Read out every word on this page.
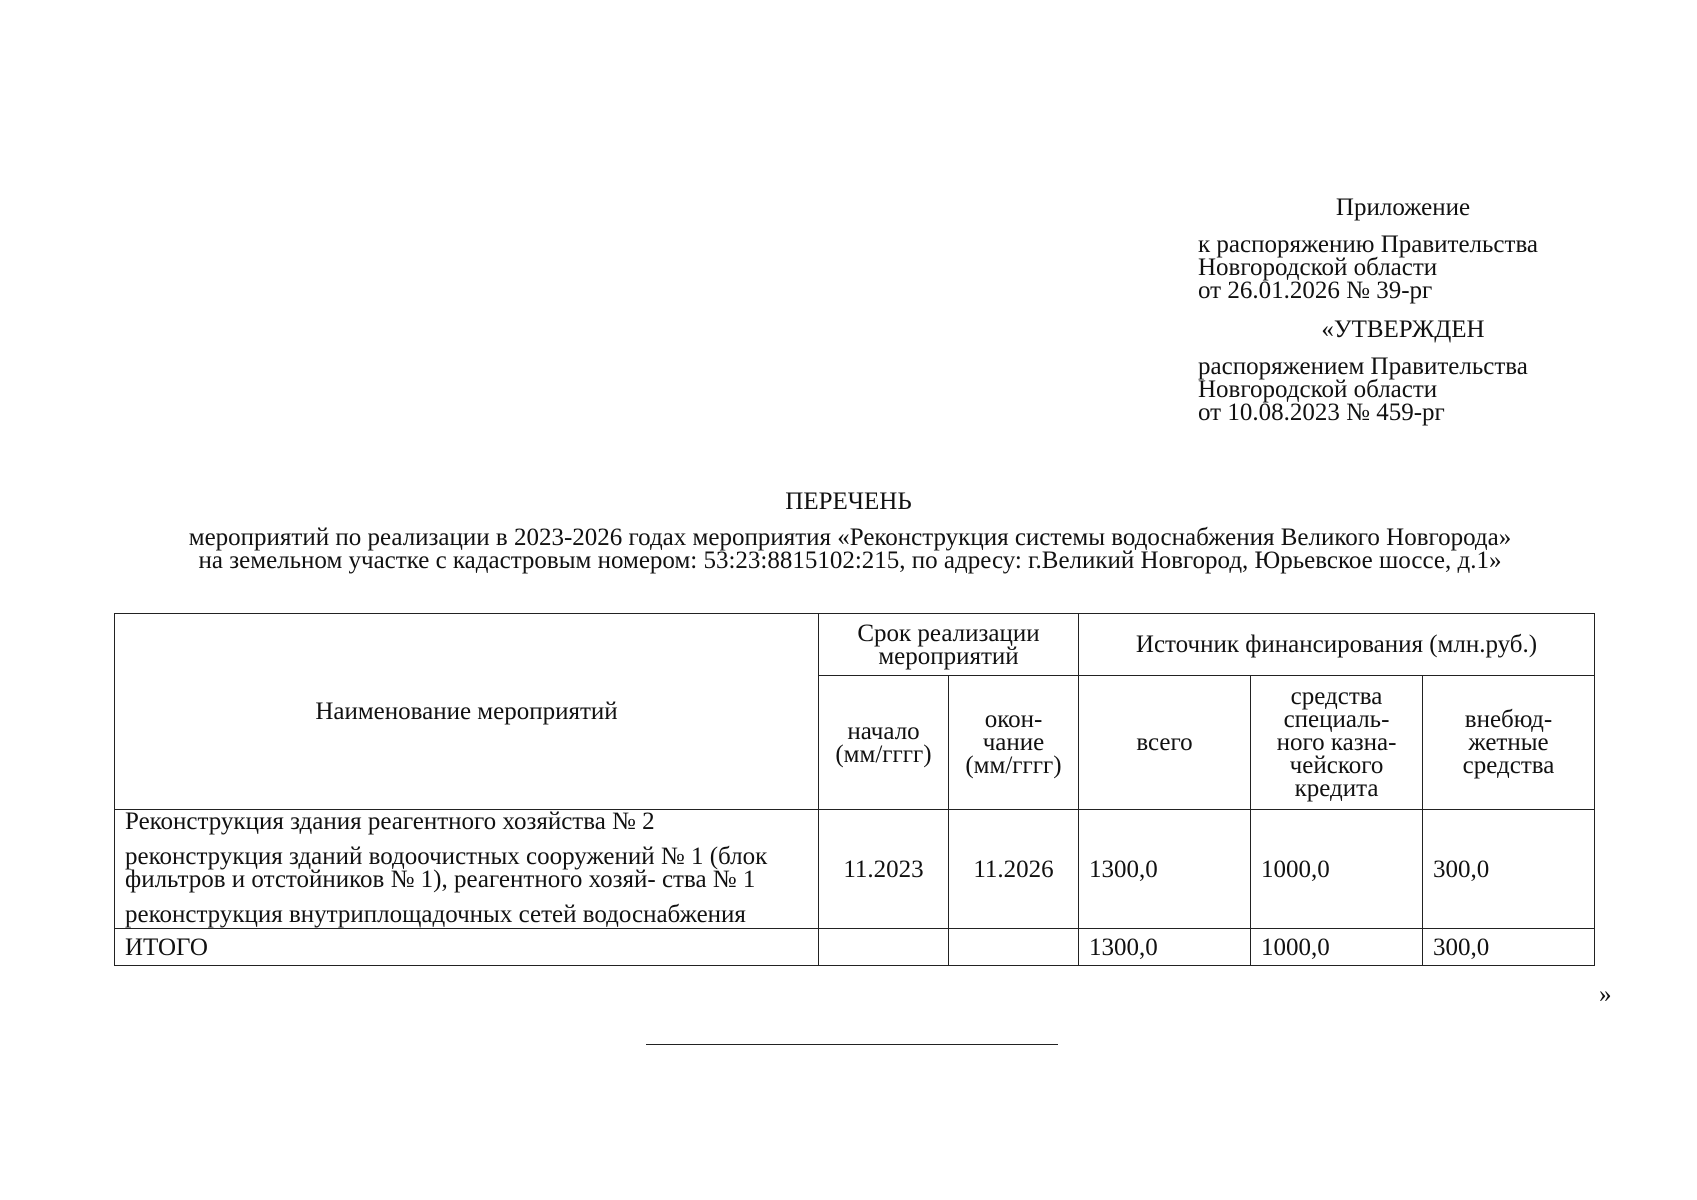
Приложение
к распоряжению Правительства
Новгородской области
от 26.01.2026 № 39-рг
«УТВЕРЖДЕН
распоряжением Правительства
Новгородской области
от 10.08.2023 № 459-рг
ПЕРЕЧЕНЬ
мероприятий по реализации в 2023-2026 годах мероприятия «Реконструкция системы водоснабжения Великого Новгорода»
на земельном участке с кадастровым номером: 53:23:8815102:215, по адресу: г.Великий Новгород, Юрьевское шоссе, д.1»
Наименование мероприятий	Срок реализации мероприятий		Источник финансирования (млн.руб.)		
	начало (мм/гггг)	окон- чание (мм/гггг)	всего	средства специаль- ного казна- чейского кредита	внебюд- жетные средства

Реконструкция здания реагентного хозяйства № 2

реконструкция зданий водоочистных сооружений № 1 (блок фильтров и отстойников № 1), реагентного хозяй- ства № 1

реконструкция внутриплощадочных сетей водоснабжения	11.2023	11.2026	1300,0	1000,0	300,0
ИТОГО			1300,0	1000,0	300,0
»
